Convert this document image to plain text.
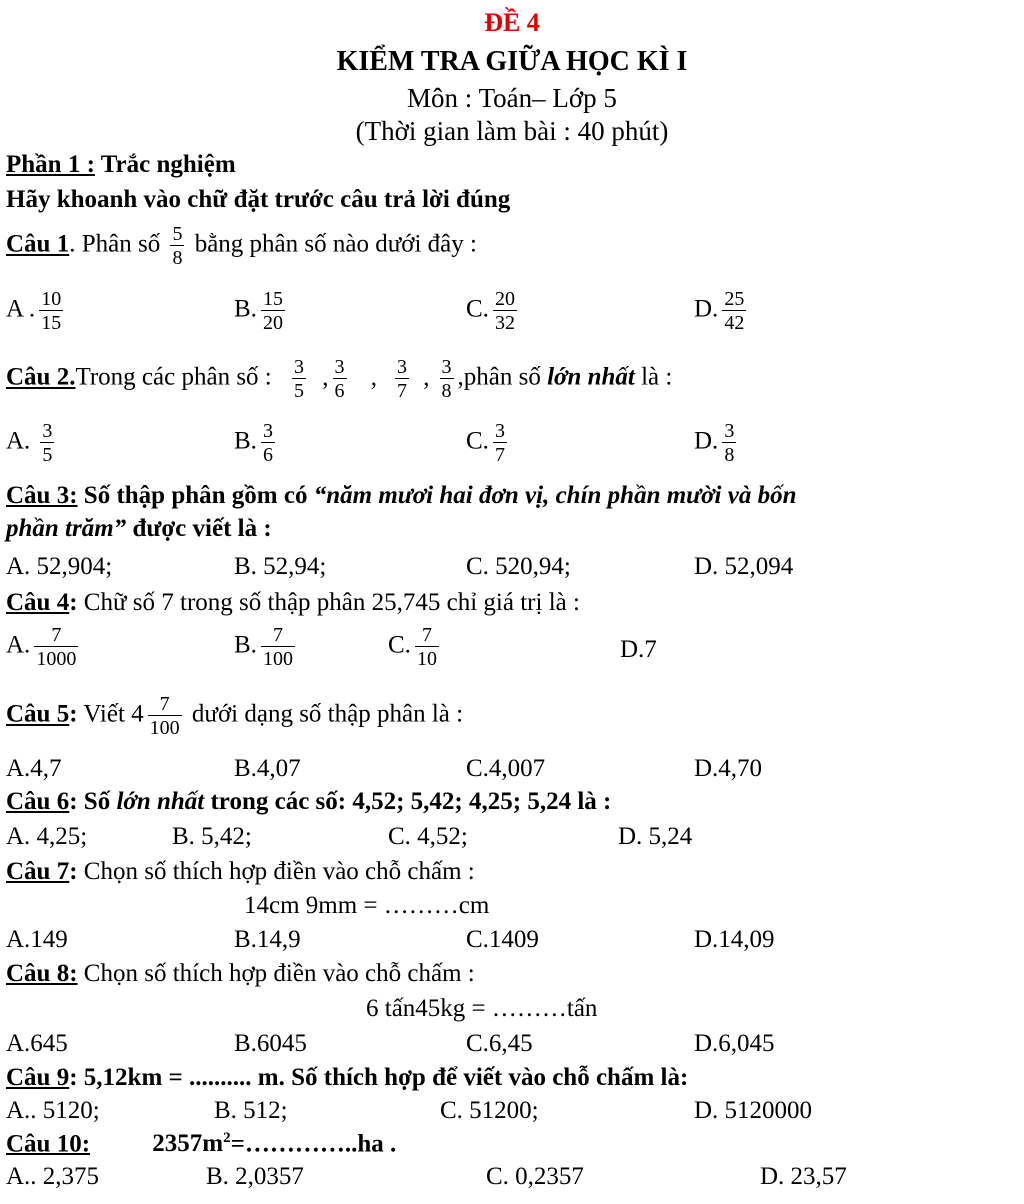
ĐỀ 4
KIỂM TRA GIỮA HỌC KÌ I
Môn : Toán– Lớp 5
(Thời gian làm bài : 40 phút)
Phần 1 : Trắc nghiệm
Hãy khoanh vào chữ đặt trước câu trả lời đúng
Câu 1. Phân số $\frac{5}{8}$ bằng phân số nào dưới đây :
A . $\frac{10}{15}$	B. $\frac{15}{20}$	C. $\frac{20}{32}$	D. $\frac{25}{42}$
Câu 2.Trong các phân số : $\frac{3}{5}$ , $\frac{3}{6}$ , $\frac{3}{7}$ , $\frac{3}{8}$ ,phân số lớn nhất là :
A. $\frac{3}{5}$	B. $\frac{3}{6}$	C. $\frac{3}{7}$	D. $\frac{3}{8}$
Câu 3: Số thập phân gồm có “năm mươi hai đơn vị, chín phần mười và bốn
phần trăm” được viết là :
A. 52,904;	B. 52,94;	C. 520,94;	D. 52,094
Câu 4: Chữ số 7 trong số thập phân 25,745 chỉ giá trị là :
A. $\frac{7}{1000}$	B. $\frac{7}{100}$	C. $\frac{7}{10}$	D.7
Câu 5: Viết $4 \frac{7}{100}$ dưới dạng số thập phân là :
A.4,7	B.4,07	C.4,007	D.4,70
Câu 6: Số lớn nhất trong các số: 4,52; 5,42; 4,25; 5,24 là :
A. 4,25;	B. 5,42;	C. 4,52;	D. 5,24
Câu 7: Chọn số thích hợp điền vào chỗ chấm :
14cm 9mm = ………cm
A.149	B.14,9	C.1409	D.14,09
Câu 8: Chọn số thích hợp điền vào chỗ chấm :
6 tấn45kg = ………tấn
A.645	B.6045	C.6,45	D.6,045
Câu 9: 5,12km = .......... m. Số thích hợp để viết vào chỗ chấm là:
A.. 5120;	B. 512;	C. 51200;	D. 5120000
Câu 10: $2357m^2=\dots\dots\dots\dots..ha$ .
A.. 2,375	B. 2,0357	C. 0,2357	D. 23,57
